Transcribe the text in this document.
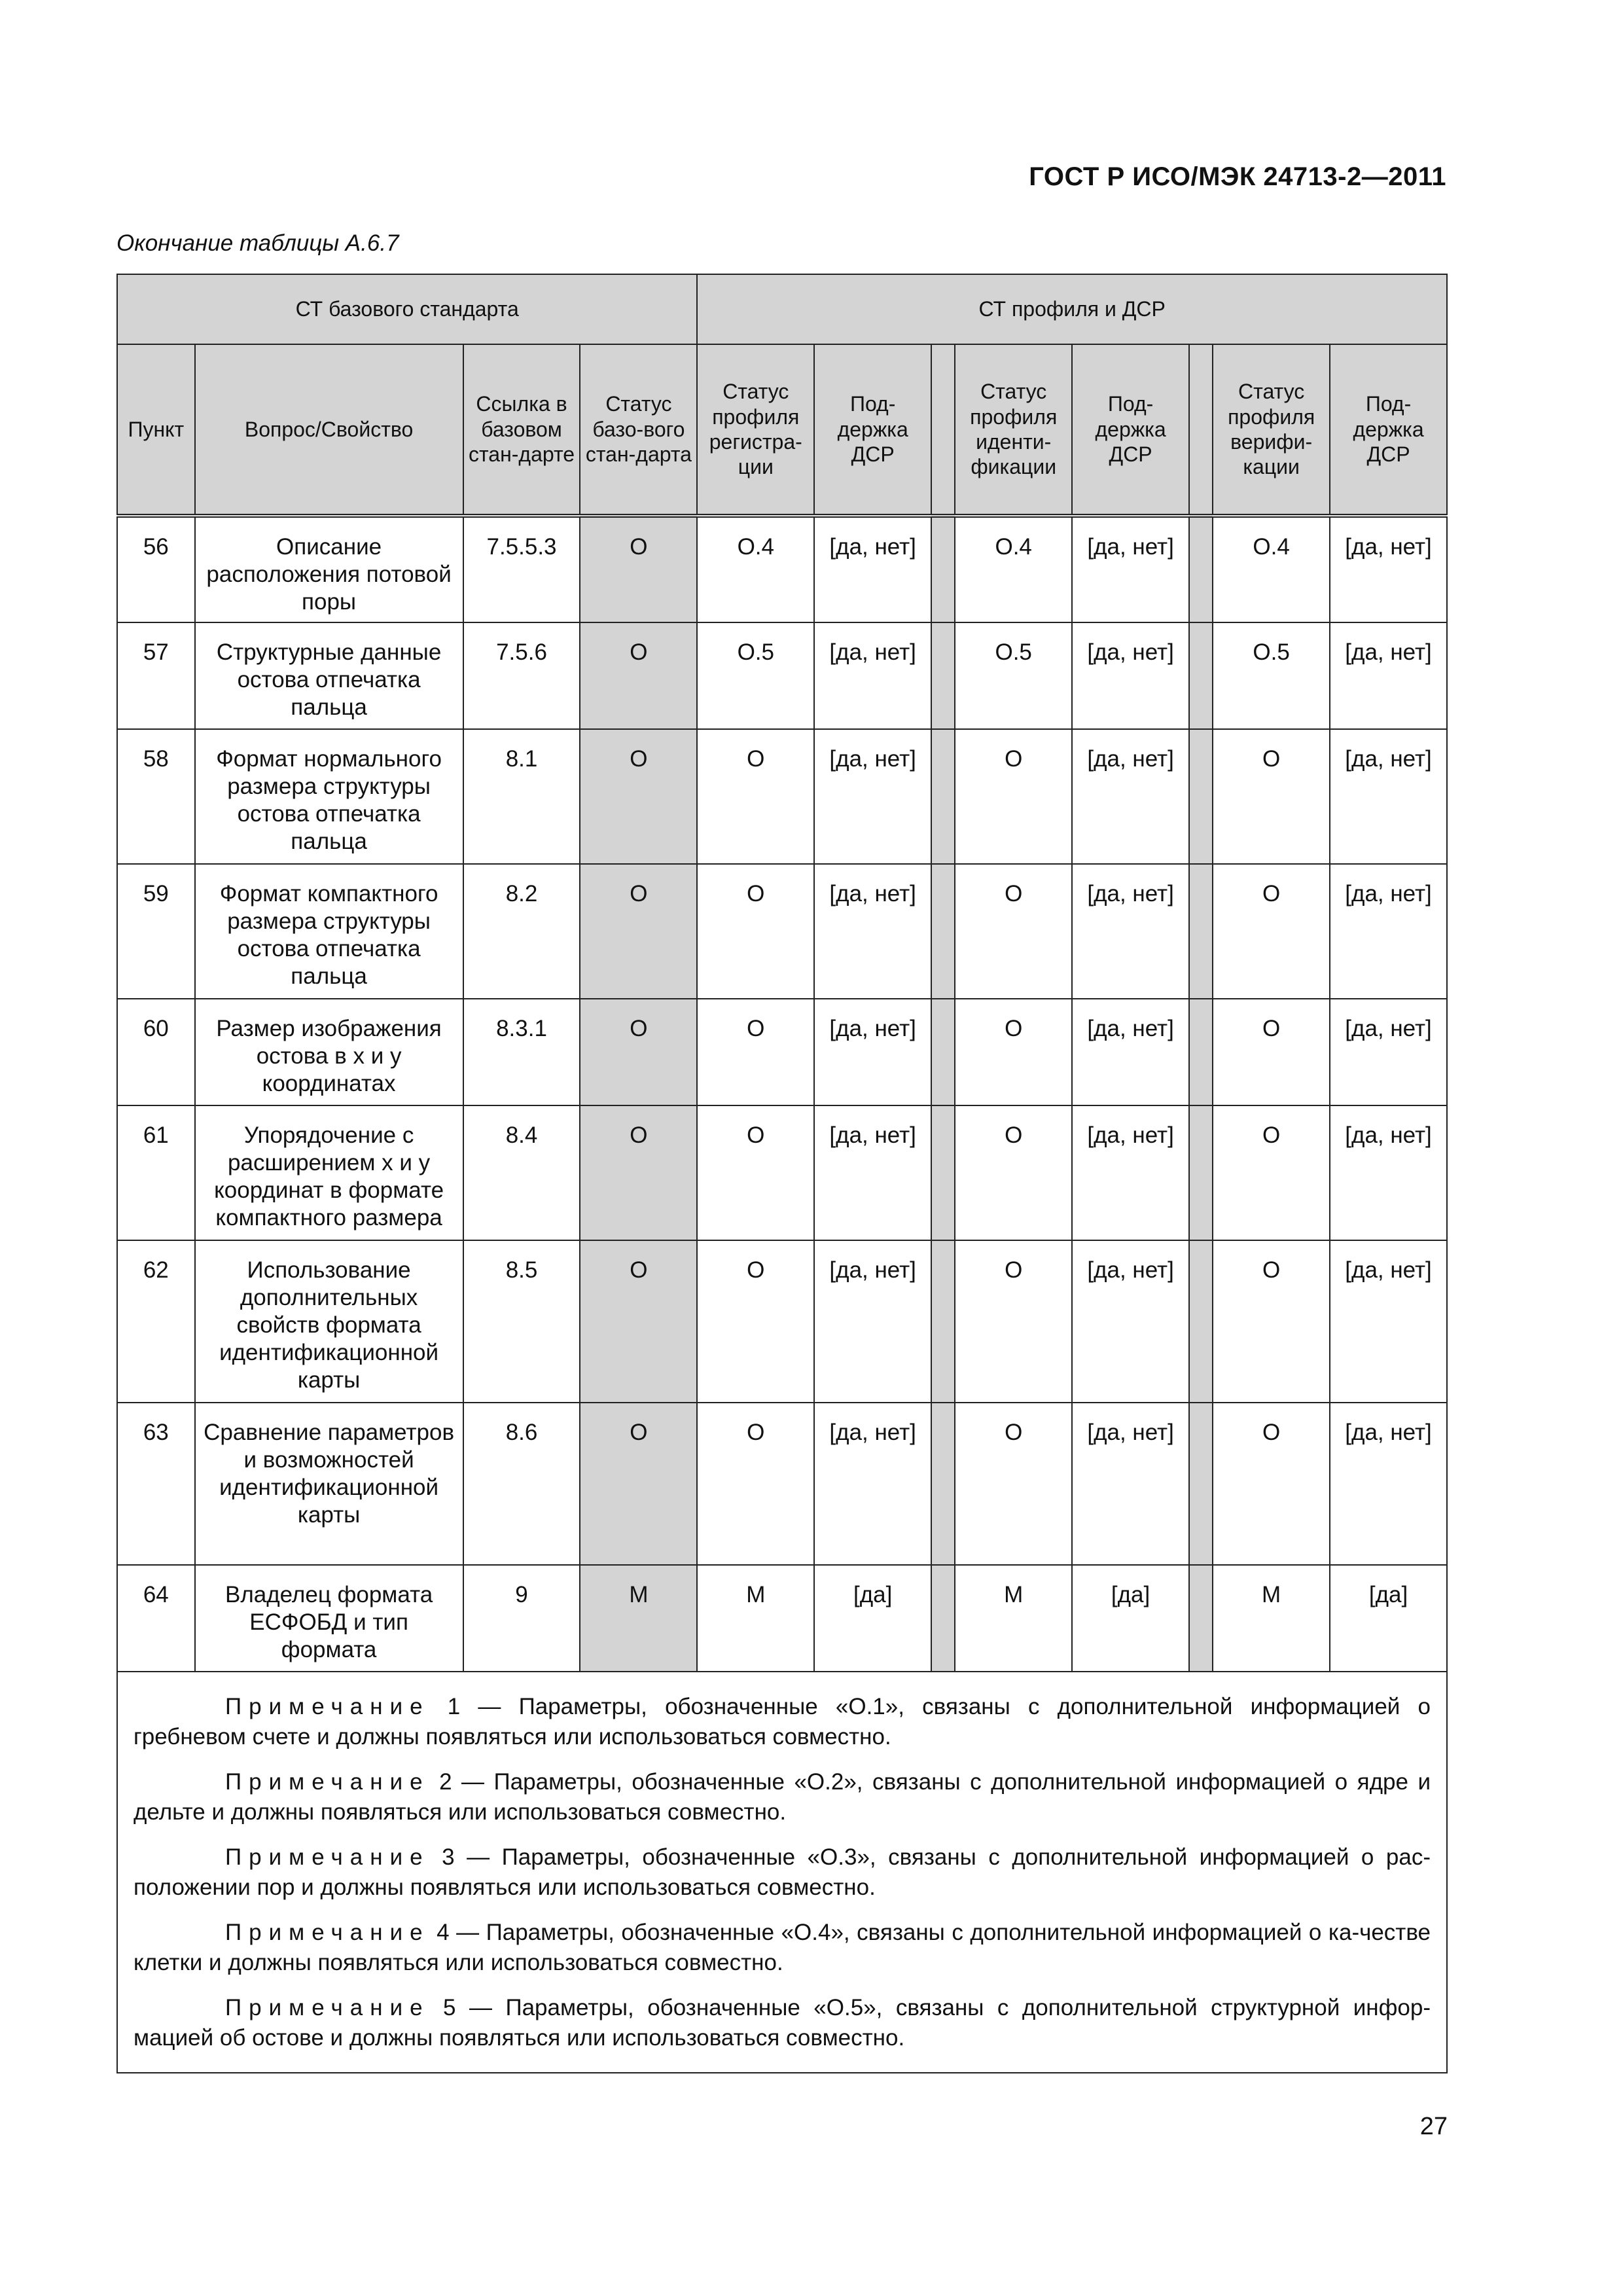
ГОСТ Р ИСО/МЭК 24713-2—2011
Окончание таблицы А.6.7
СТ базового стандарта				СТ профиля и ДСР							
Пункт	Вопрос/Свойство	Ссылка в базовом стан-дарте	Статус базо-вого стан-дарта	Статус профиля регистра-ции	Под-держка ДСР		Статус профиля иденти-фикации	Под-держка ДСР		Статус профиля верифи-кации	Под-держка ДСР
56	Описание расположения потовой поры	7.5.5.3	O	O.4	[да, нет]		O.4	[да, нет]		O.4	[да, нет]
57	Структурные данные остова отпечатка пальца	7.5.6	O	O.5	[да, нет]		O.5	[да, нет]		O.5	[да, нет]
58	Формат нормального размера структуры остова отпечатка пальца	8.1	O	O	[да, нет]		O	[да, нет]		O	[да, нет]
59	Формат компактного размера структуры остова отпечатка пальца	8.2	O	O	[да, нет]		O	[да, нет]		O	[да, нет]
60	Размер изображения остова в x и y координатах	8.3.1	O	O	[да, нет]		O	[да, нет]		O	[да, нет]
61	Упорядочение с расширением x и y координат в формате компактного размера	8.4	O	O	[да, нет]		O	[да, нет]		O	[да, нет]
62	Использование дополнительных свойств формата идентификационной карты	8.5	O	O	[да, нет]		O	[да, нет]		O	[да, нет]
63	Сравнение параметров и возможностей идентификационной карты	8.6	O	O	[да, нет]		O	[да, нет]		O	[да, нет]
64	Владелец формата ЕСФОБД и тип формата	9	M	M	[да]		M	[да]		M	[да]

Примечание 1 — Параметры, обозначенные «O.1», связаны с дополнительной информацией о гребневом счете и должны появляться или использоваться совместно.

Примечание 2 — Параметры, обозначенные «O.2», связаны с дополнительной информацией о ядре и дельте и должны появляться или использоваться совместно.

Примечание 3 — Параметры, обозначенные «O.3», связаны с дополнительной информацией о рас-положении пор и должны появляться или использоваться совместно.

Примечание 4 — Параметры, обозначенные «O.4», связаны с дополнительной информацией о ка-честве клетки и должны появляться или использоваться совместно.

Примечание 5 — Параметры, обозначенные «O.5», связаны с дополнительной структурной инфор-мацией об остове и должны появляться или использоваться совместно.											

27
